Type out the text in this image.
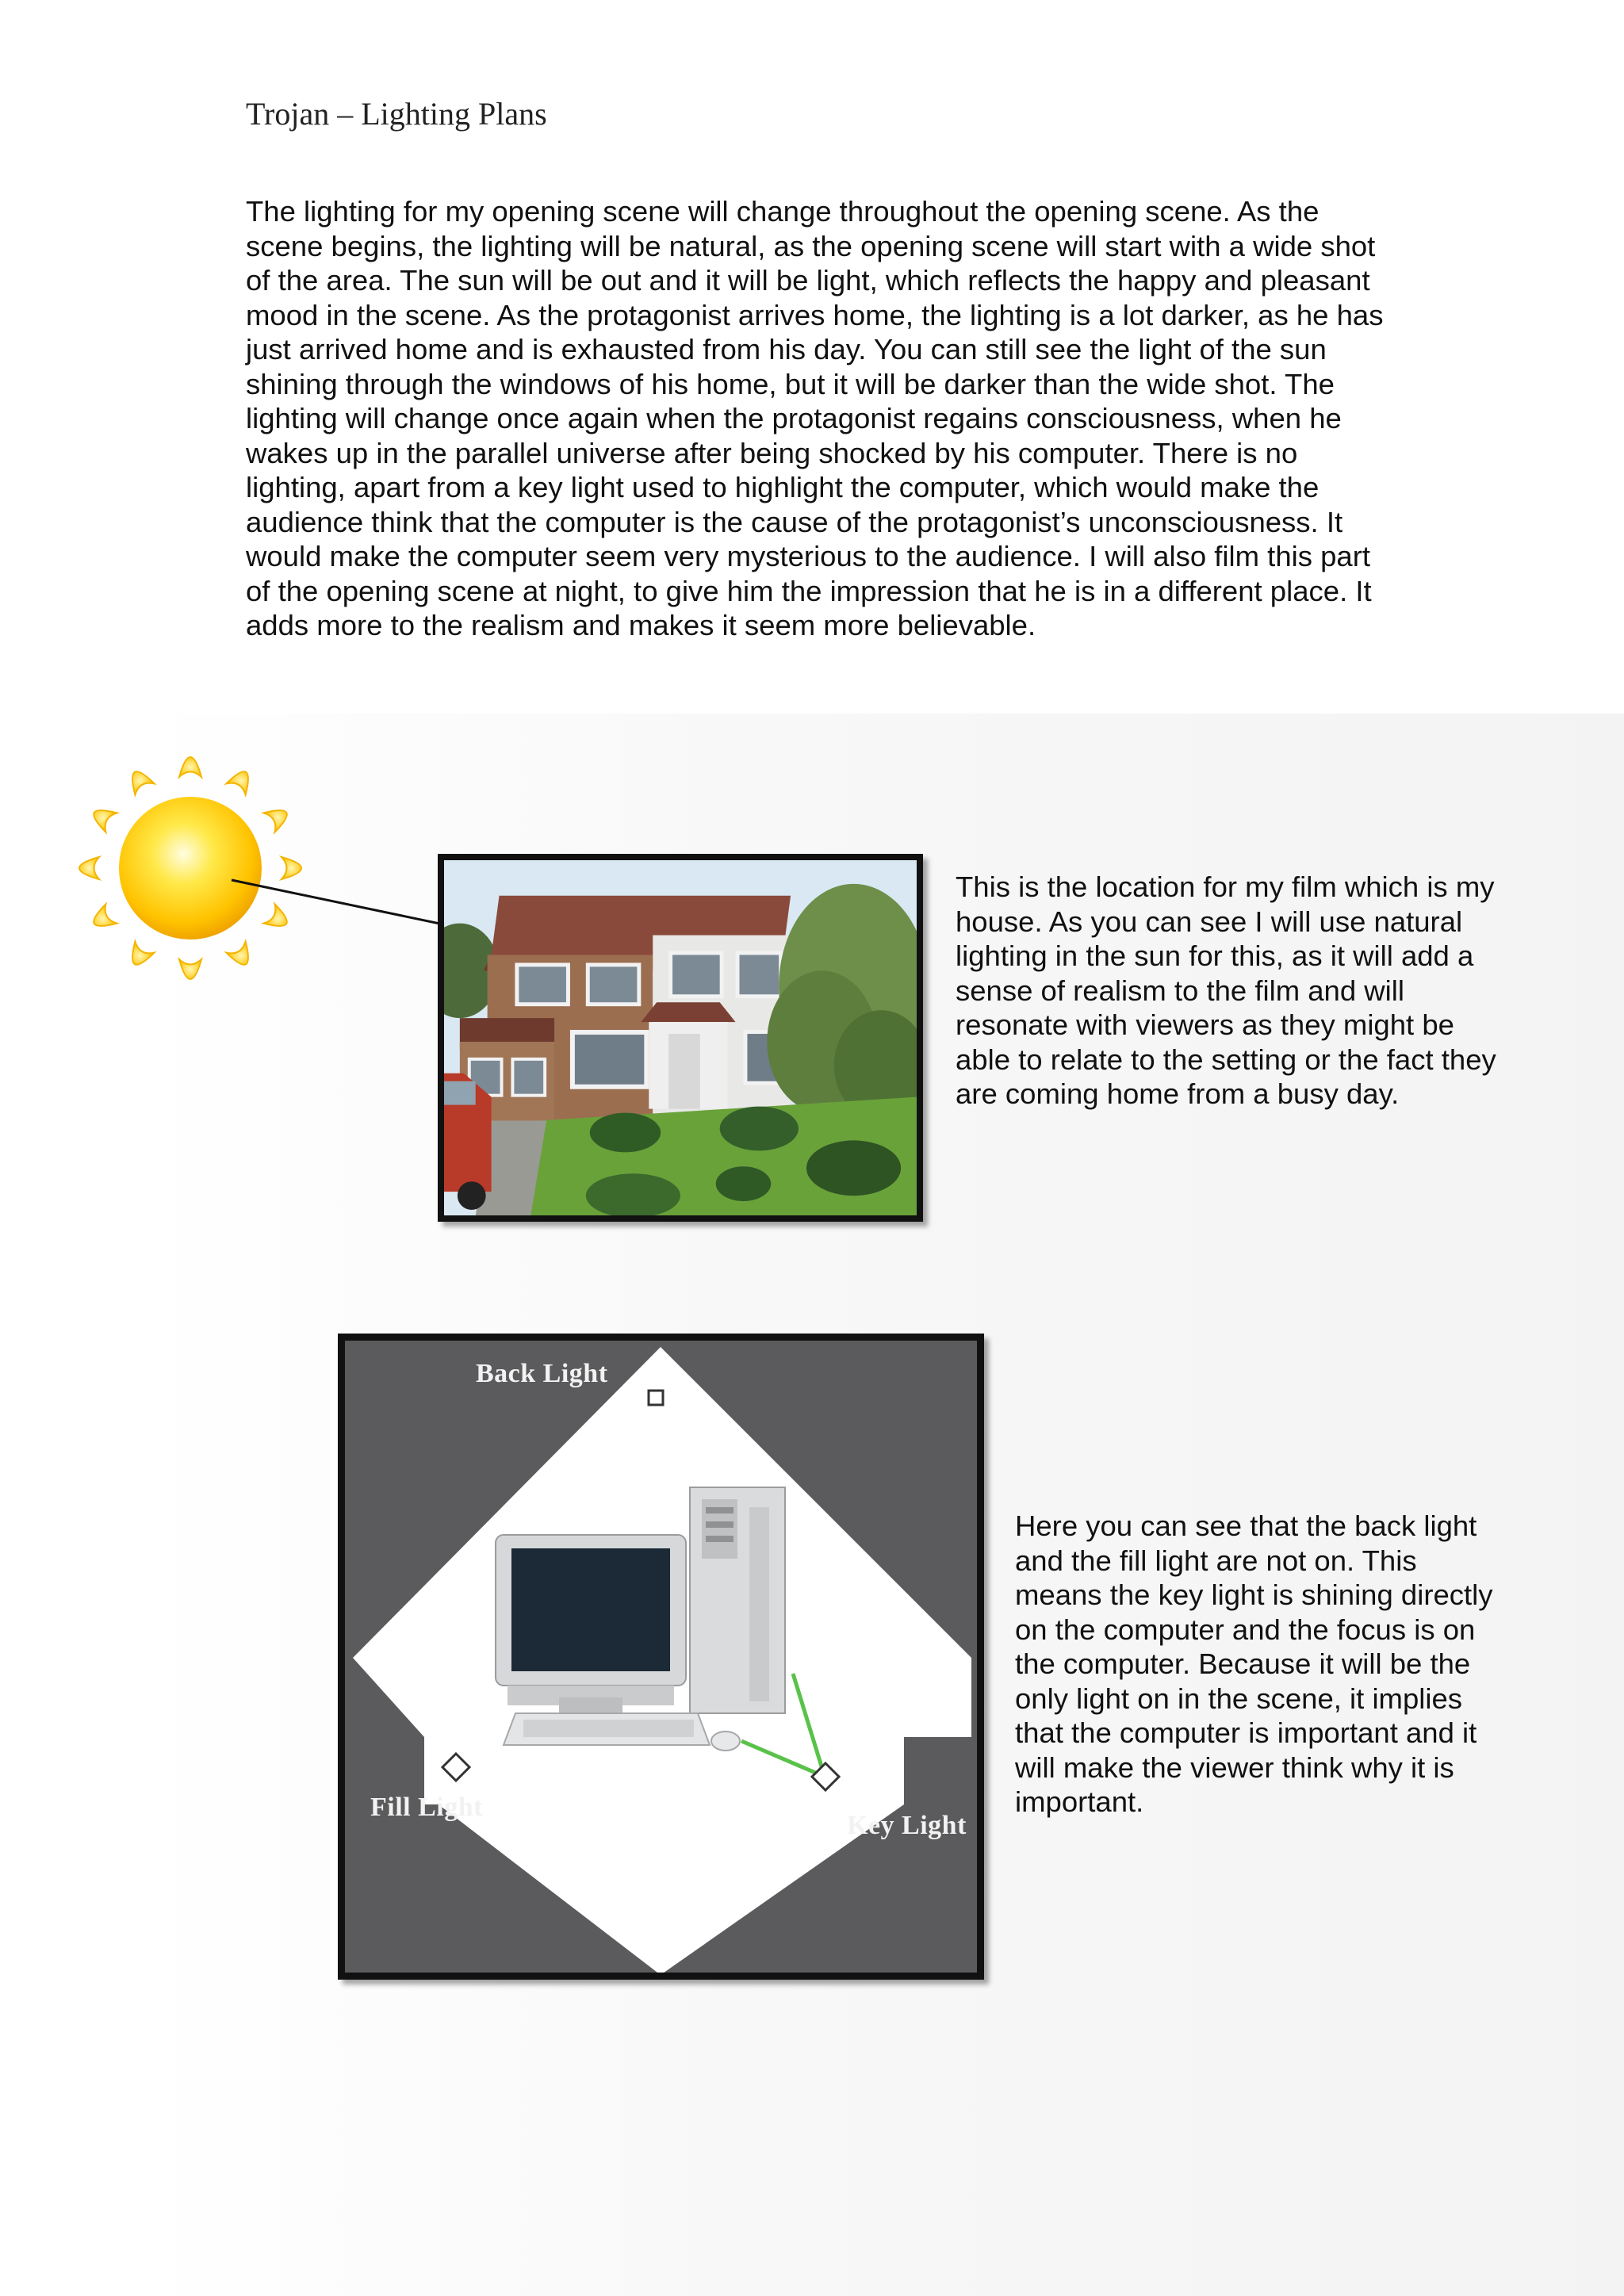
Trojan – Lighting Plans

The lighting for my opening scene will change throughout the opening scene. As the scene begins, the lighting will be natural, as the opening scene will start with a wide shot of the area. The sun will be out and it will be light, which reflects the happy and pleasant mood in the scene. As the protagonist arrives home, the lighting is a lot darker, as he has just arrived home and is exhausted from his day. You can still see the light of the sun shining through the windows of his home, but it will be darker than the wide shot. The lighting will change once again when the protagonist regains consciousness, when he wakes up in the parallel universe after being shocked by his computer. There is no lighting, apart from a key light used to highlight the computer, which would make the audience think that the computer is the cause of the protagonist’s unconsciousness. It would make the computer seem very mysterious to the audience. I will also film this part of the opening scene at night, to give him the impression that he is in a different place. It adds more to the realism and makes it seem more believable.

This is the location for my film which is my house. As you can see I will use natural lighting in the sun for this, as it will add a sense of realism to the film and will resonate with viewers as they might be able to relate to the setting or the fact they are coming home from a busy day.

Back Light
Fill Light
Key Light

Here you can see that the back light and the fill light are not on. This means the key light is shining directly on the computer and the focus is on the computer. Because it will be the only light on in the scene, it implies that the computer is important and it will make the viewer think why it is important.
